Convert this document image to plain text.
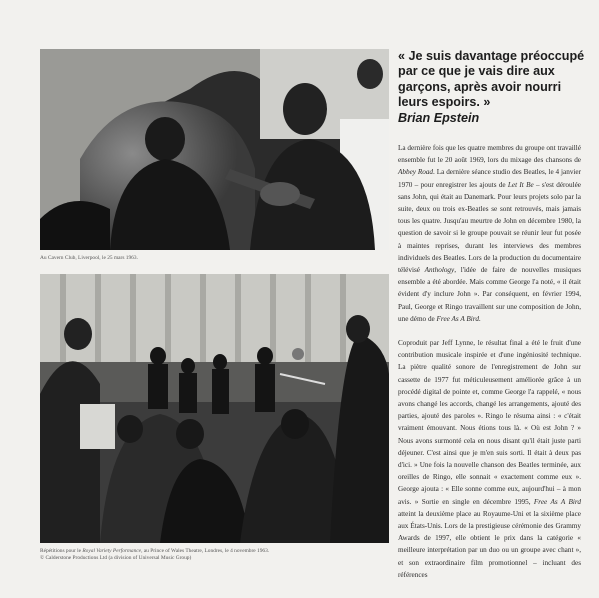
Au Cavern Club, Liverpool, le 25 mars 1963.
Répétitions pour le Royal Variety Performance, au Prince of Wales Theatre, Londres, le 4 novembre 1963.
© Calderstone Productions Ltd (a division of Universal Music Group)
« Je suis davantage préoccupé par ce que je vais dire aux garçons, après avoir nourri leurs espoirs. »
Brian Epstein
La dernière fois que les quatre membres du groupe ont travaillé ensemble fut le 20 août 1969, lors du mixage des chansons de Abbey Road. La dernière séance studio des Beatles, le 4 janvier 1970 – pour enregistrer les ajouts de Let It Be – s'est déroulée sans John, qui était au Danemark. Pour leurs projets solo par la suite, deux ou trois ex-Beatles se sont retrouvés, mais jamais tous les quatre. Jusqu'au meurtre de John en décembre 1980, la question de savoir si le groupe pouvait se réunir leur fut posée à maintes reprises, durant les interviews des membres individuels des Beatles. Lors de la production du documentaire télévisé Anthology, l'idée de faire de nouvelles musiques ensemble a été abordée. Mais comme George l'a noté, « il était évident d'y inclure John ». Par conséquent, en février 1994, Paul, George et Ringo travaillent sur une composition de John, une démo de Free As A Bird.
Coproduit par Jeff Lynne, le résultat final a été le fruit d'une contribution musicale inspirée et d'une ingéniosité technique. La piètre qualité sonore de l'enregistrement de John sur cassette de 1977 fut méticuleusement améliorée grâce à un procédé digital de pointe et, comme George l'a rappelé, « nous avons changé les accords, changé les arrangements, ajouté des parties, ajouté des paroles ». Ringo le résuma ainsi : « c'était vraiment émouvant. Nous étions tous là. « Où est John ? » Nous avons surmonté cela en nous disant qu'il était juste parti déjeuner. C'est ainsi que je m'en suis sorti. Il était à deux pas d'ici. » Une fois la nouvelle chanson des Beatles terminée, aux oreilles de Ringo, elle sonnait « exactement comme eux ». George ajouta : « Elle sonne comme eux, aujourd'hui – à mon avis. » Sortie en single en décembre 1995, Free As A Bird atteint la deuxième place au Royaume-Uni et la sixième place aux États-Unis. Lors de la prestigieuse cérémonie des Grammy Awards de 1997, elle obtient le prix dans la catégorie « meilleure interprétation par un duo ou un groupe avec chant », et son extraordinaire film promotionnel – incluant des références
